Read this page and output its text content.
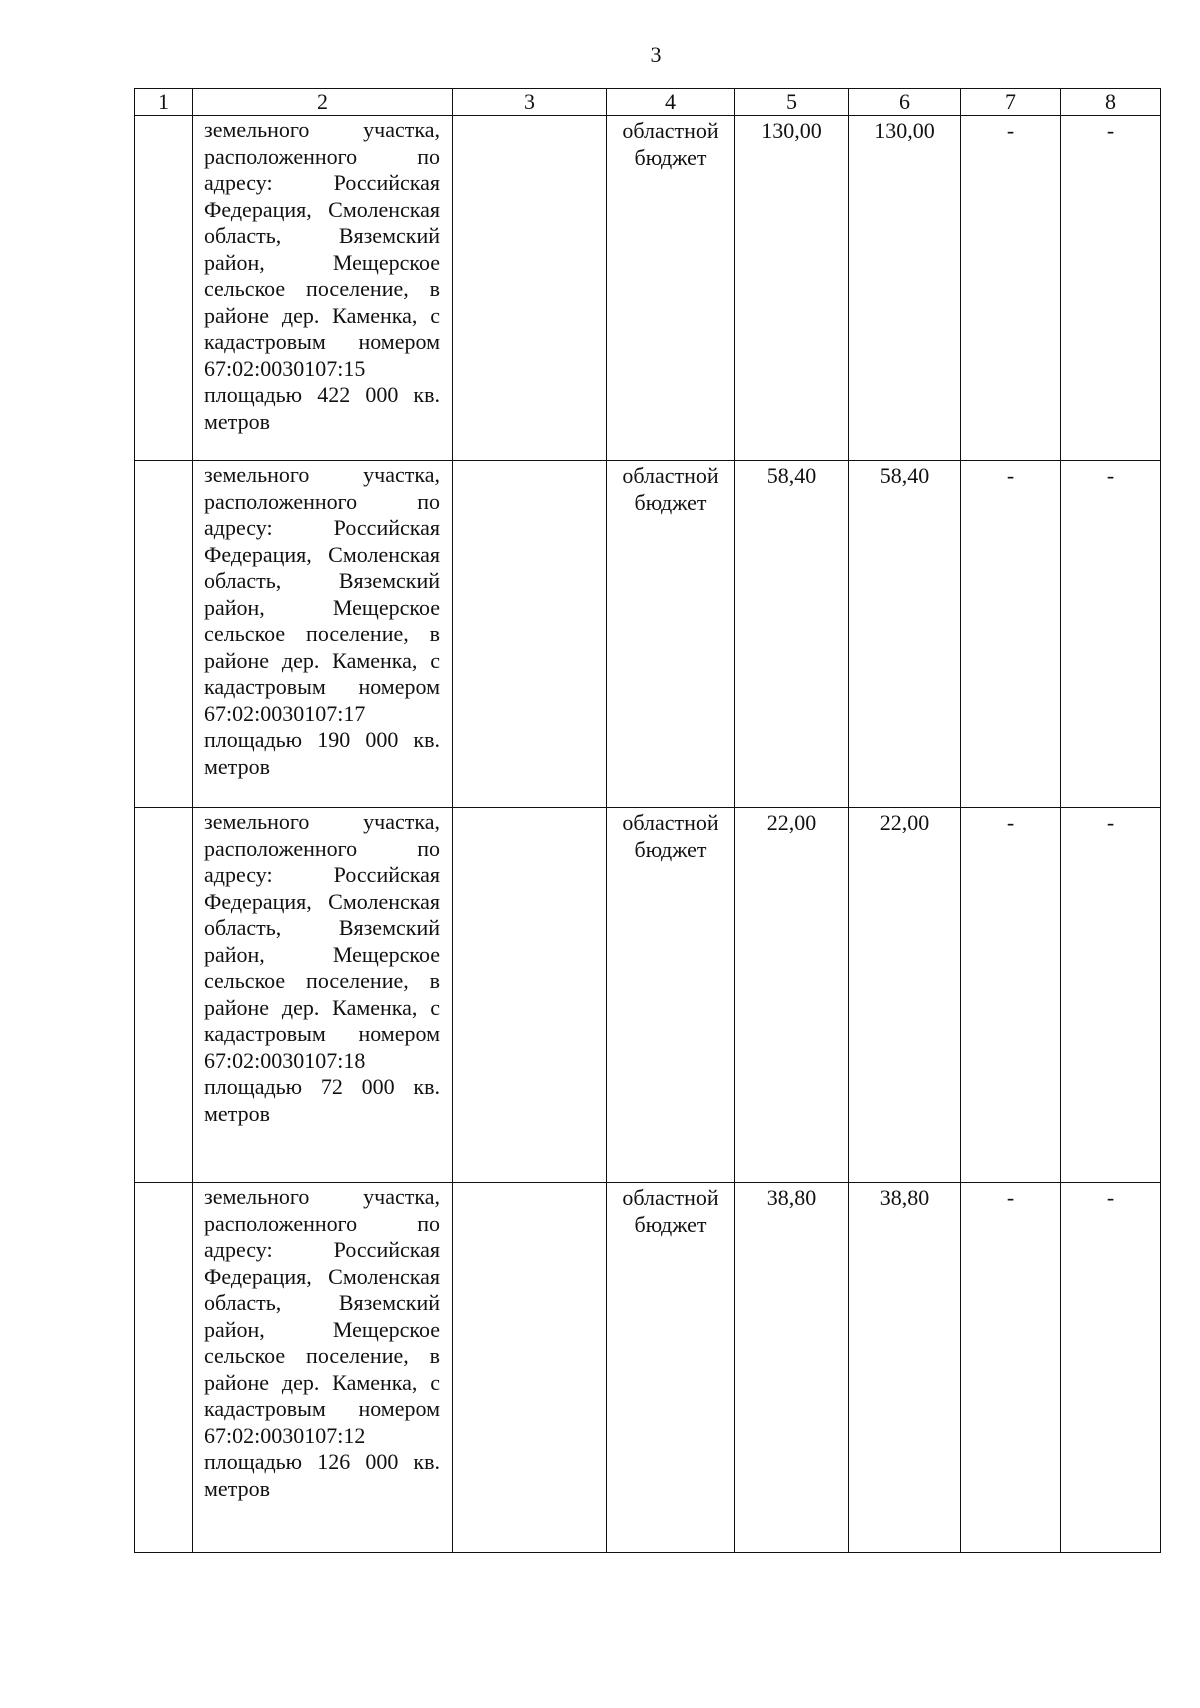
3
1	2	3	4	5	6	7	8
	земельного участка, расположенного по адресу: Российская Федерация, Смоленская область, Вяземский район, Мещерское сельское поселение, в районе дер. Каменка, с кадастровым номером 67:02:0030107:15 площадью 422 000 кв. метров		областной бюджет	130,00	130,00	-	-
	земельного участка, расположенного по адресу: Российская Федерация, Смоленская область, Вяземский район, Мещерское сельское поселение, в районе дер. Каменка, с кадастровым номером 67:02:0030107:17 площадью 190 000 кв. метров		областной бюджет	58,40	58,40	-	-
	земельного участка, расположенного по адресу: Российская Федерация, Смоленская область, Вяземский район, Мещерское сельское поселение, в районе дер. Каменка, с кадастровым номером 67:02:0030107:18 площадью 72 000 кв. метров		областной бюджет	22,00	22,00	-	-
	земельного участка, расположенного по адресу: Российская Федерация, Смоленская область, Вяземский район, Мещерское сельское поселение, в районе дер. Каменка, с кадастровым номером 67:02:0030107:12 площадью 126 000 кв. метров		областной бюджет	38,80	38,80	-	-
